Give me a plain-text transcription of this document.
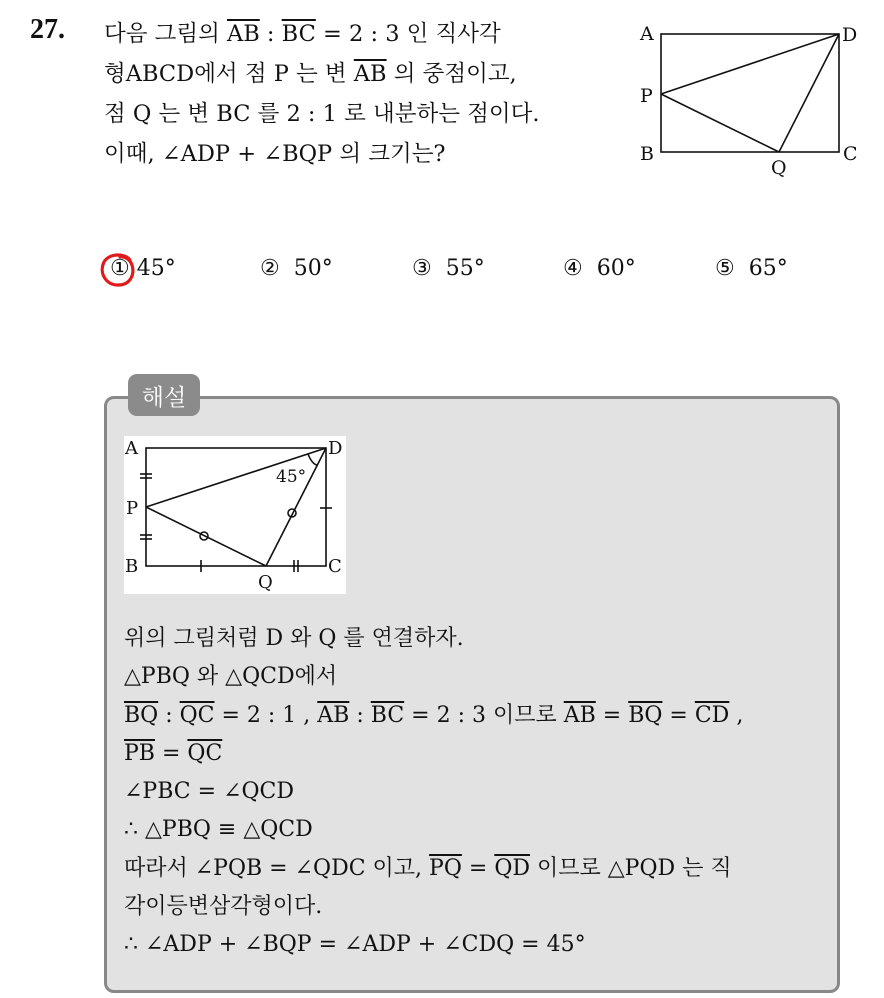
27. 다음 그림의 $\overline{AB}$ : $\overline{BC} = 2$ : 3 인 직사각
형ABCD에서 점 P 는 변 $\overline{AB}$ 의 중점이고,
점 Q 는 변 BC 를 2 : 1 로 내분하는 점이다.
이때, ∠ADP + ∠BQP 의 크기는?
A	D
P
B	C
Q
① 45°	② 50°	③ 55°	④ 60°	⑤ 65°
해설
A	D
P
B	C
Q
45°
위의 그림처럼 D 와 Q 를 연결하자.
△PBQ 와 △QCD에서
$\overline{BQ}$ : $\overline{QC} = 2$ : 1 , $\overline{AB}$ : $\overline{BC} = 2$ : 3 이므로 $\overline{AB} = \overline{BQ} = \overline{CD}$ ,
$\overline{PB} = \overline{QC}$
∠PBC = ∠QCD
∴ △PBQ ≡ △QCD
따라서 ∠PQB = ∠QDC 이고, $\overline{PQ} = \overline{QD}$ 이므로 △PQD 는 직
각이등변삼각형이다.
∴ ∠ADP + ∠BQP = ∠ADP + ∠CDQ = 45°
